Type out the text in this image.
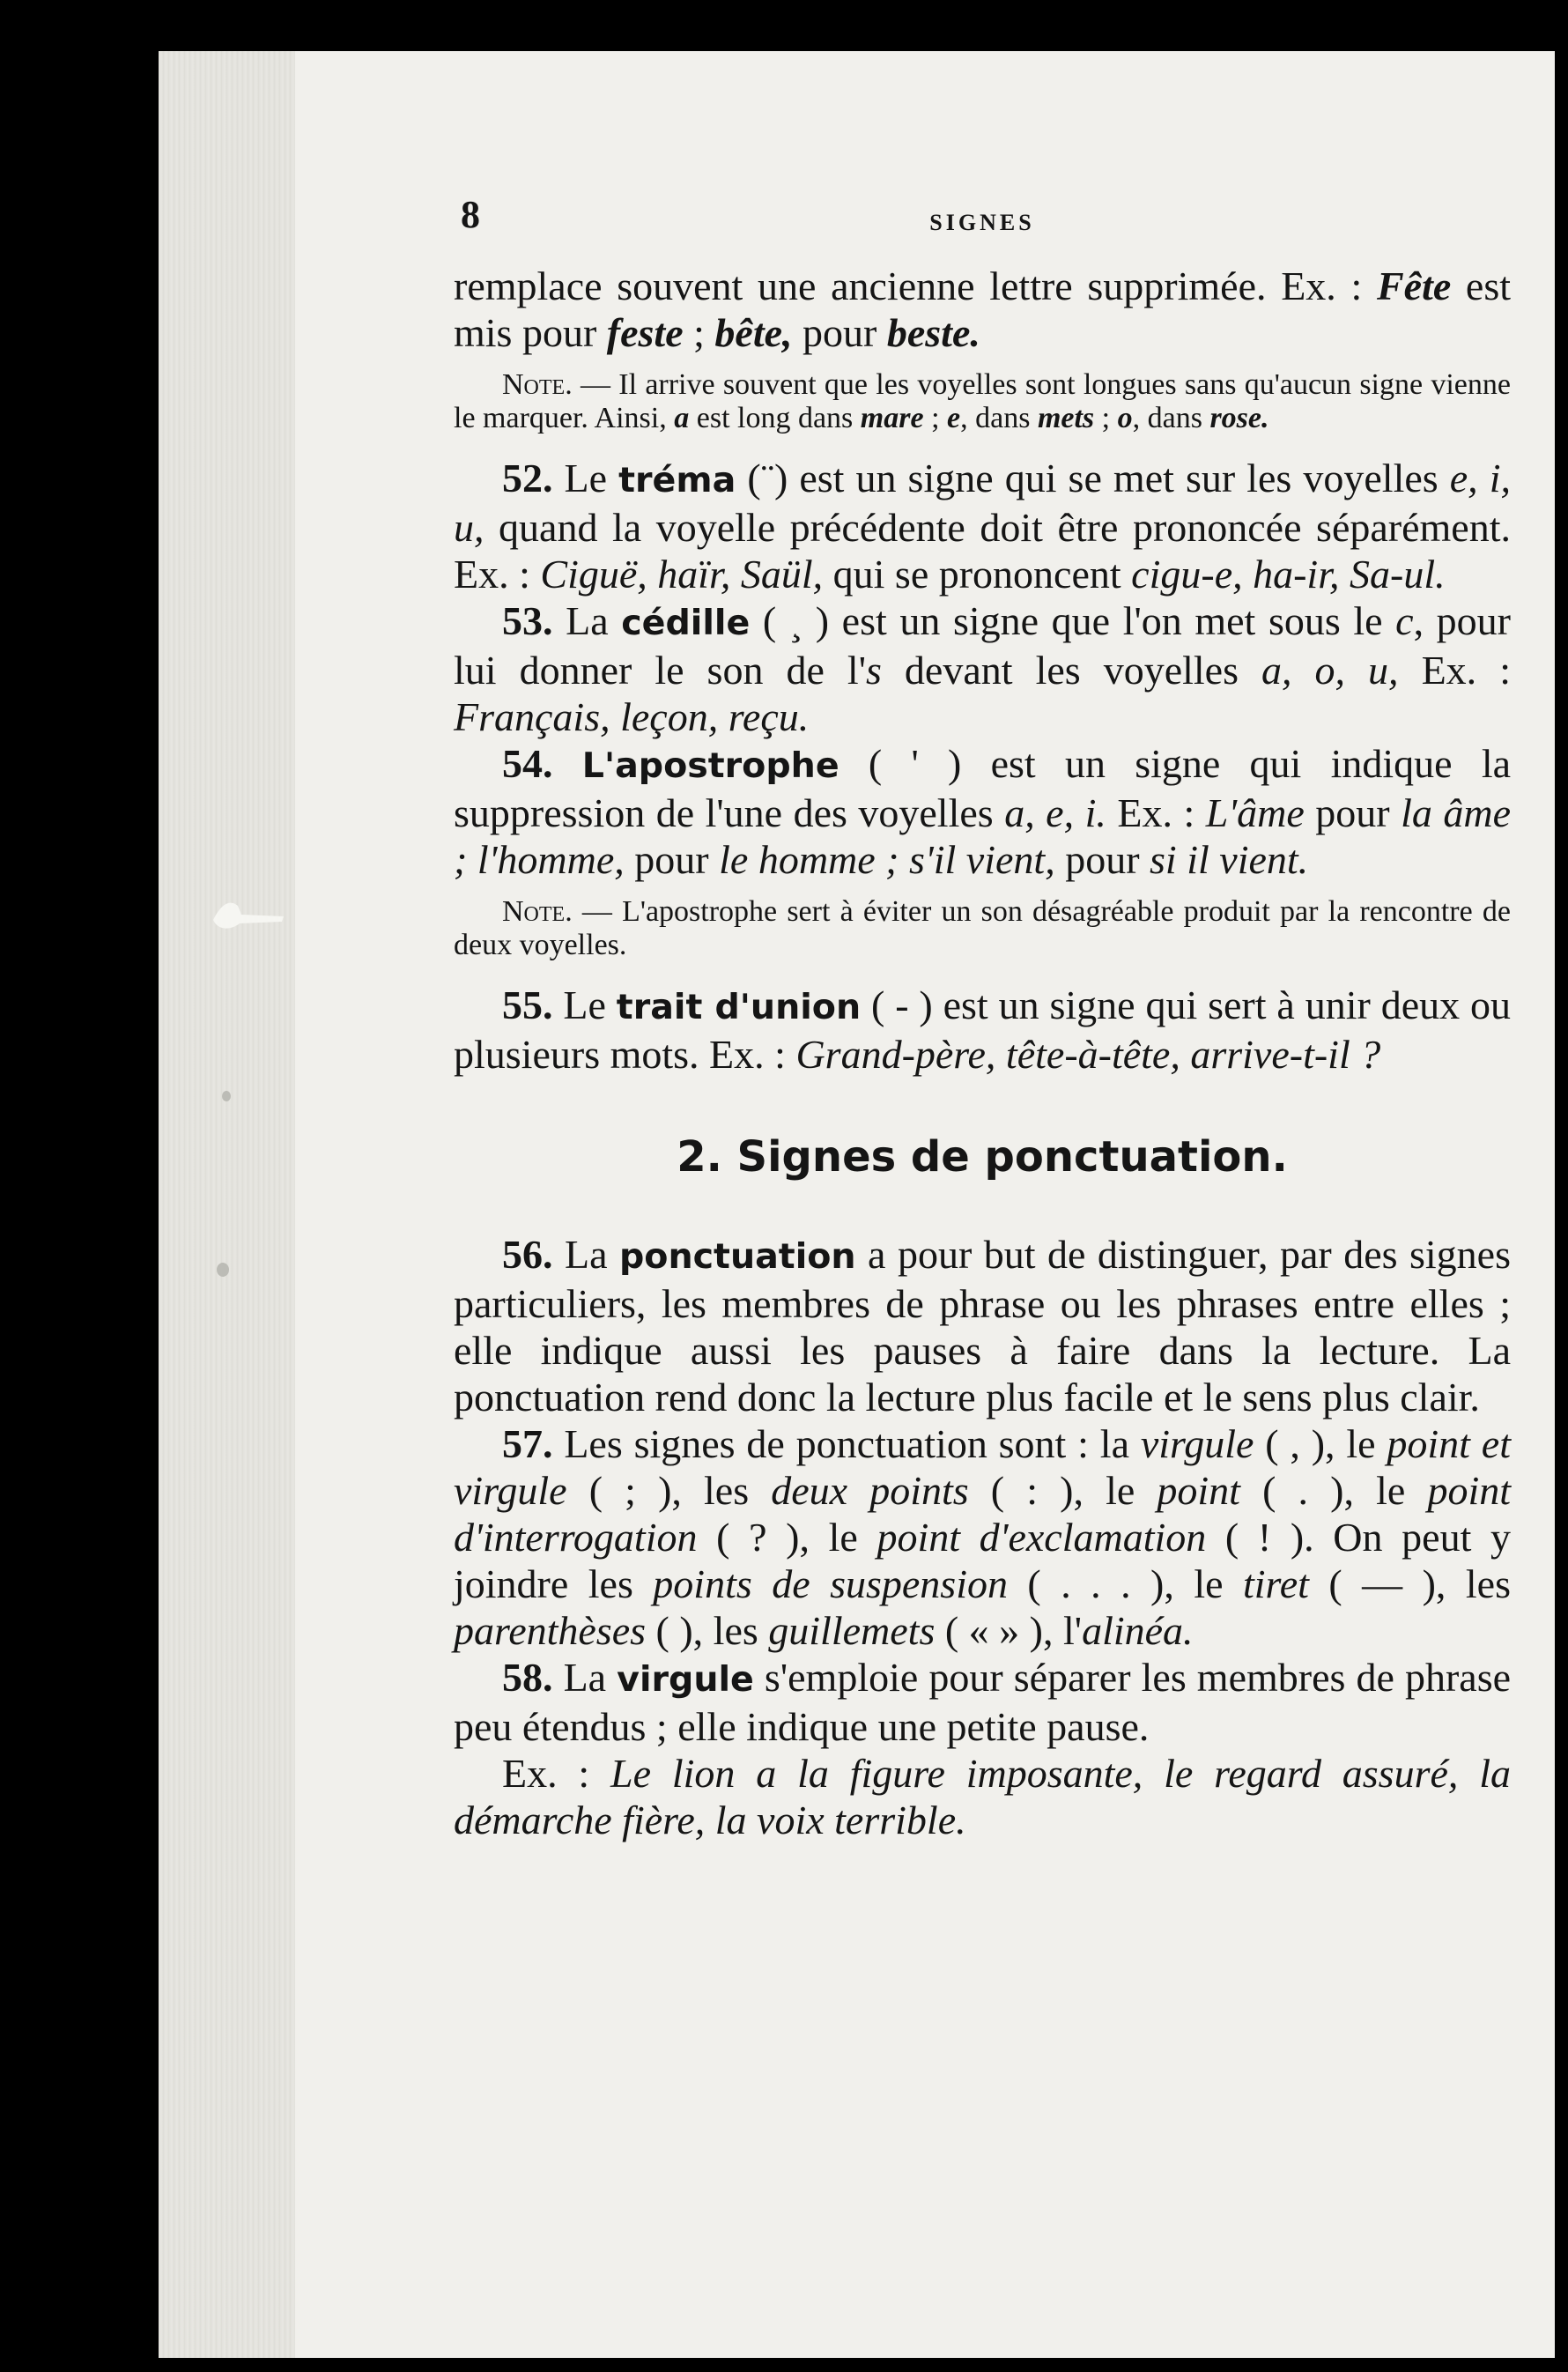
8	SIGNES

remplace souvent une ancienne lettre supprimée. Ex. : Fête est mis pour feste ; bête, pour beste.

Note. — Il arrive souvent que les voyelles sont longues sans qu'aucun signe vienne le marquer. Ainsi, a est long dans mare ; e, dans mets ; o, dans rose.

52. Le tréma (¨) est un signe qui se met sur les voyelles e, i, u, quand la voyelle précédente doit être prononcée séparément. Ex. : Ciguë, haïr, Saül, qui se prononcent cigu-e, ha-ir, Sa-ul.

53. La cédille ( ¸ ) est un signe que l'on met sous le c, pour lui donner le son de l's devant les voyelles a, o, u, Ex. : Français, leçon, reçu.

54. L'apostrophe ( ' ) est un signe qui indique la suppression de l'une des voyelles a, e, i. Ex. : L'âme pour la âme ; l'homme, pour le homme ; s'il vient, pour si il vient.

Note. — L'apostrophe sert à éviter un son désagréable produit par la rencontre de deux voyelles.

55. Le trait d'union ( - ) est un signe qui sert à unir deux ou plusieurs mots. Ex. : Grand-père, tête-à-tête, arrive-t-il ?

2. Signes de ponctuation.

56. La ponctuation a pour but de distinguer, par des signes particuliers, les membres de phrase ou les phrases entre elles ; elle indique aussi les pauses à faire dans la lecture. La ponctuation rend donc la lecture plus facile et le sens plus clair.

57. Les signes de ponctuation sont : la virgule ( , ), le point et virgule ( ; ), les deux points ( : ), le point ( . ), le point d'interrogation ( ? ), le point d'exclamation ( ! ). On peut y joindre les points de suspension ( . . . ), le tiret ( — ), les parenthèses ( ), les guillemets ( « » ), l'alinéa.

58. La virgule s'emploie pour séparer les membres de phrase peu étendus ; elle indique une petite pause.

Ex. : Le lion a la figure imposante, le regard assuré, la démarche fière, la voix terrible.
